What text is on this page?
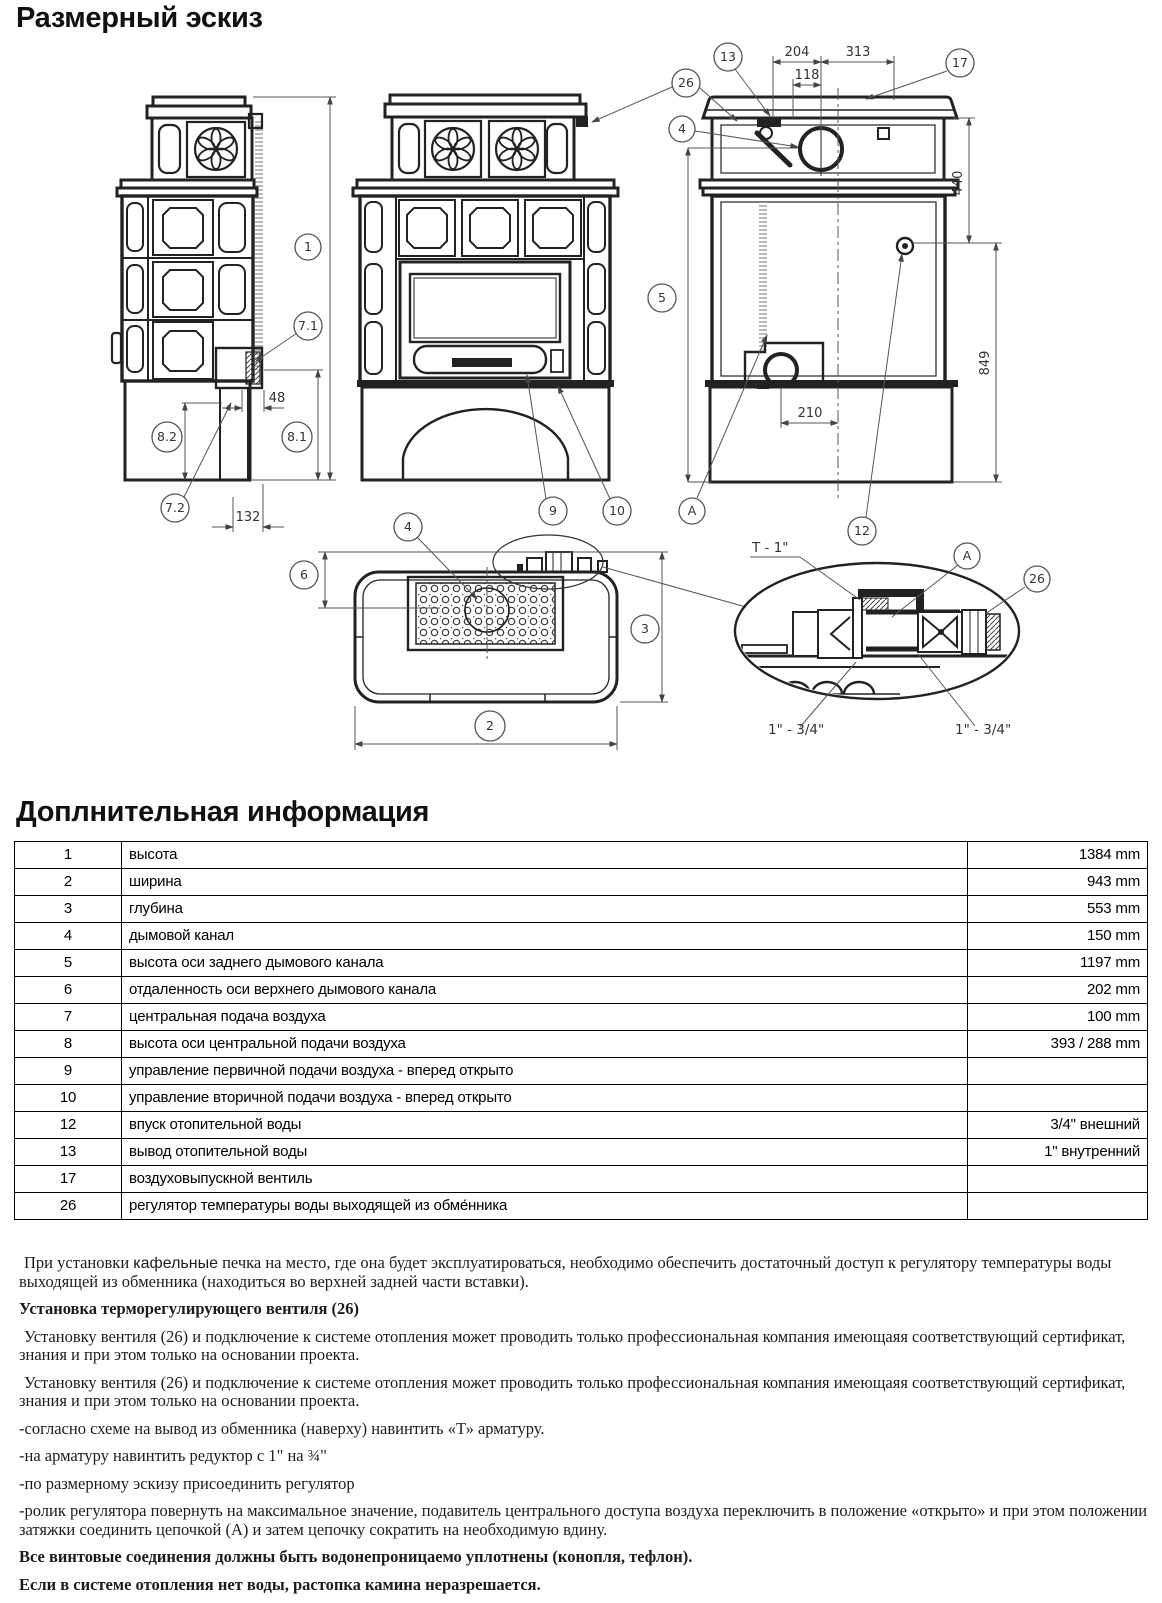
Размерный эскиз
48
132
1
7.1
8.2	8.1
7.2	9	10
204	313
118
440
849
210
13	17
26
4
5
A
12
4
6
3
2
T - 1"
1" - 3/4"	1" - 3/4"
A
26
Доплнительная информация
1	высота	1384 mm
2	ширина	943 mm
3	глубина	553 mm
4	дымовой канал	150 mm
5	высота оси заднего дымового канала	1197 mm
6	отдаленность оси верхнего дымового канала	202 mm
7	центральная подача воздуха	100 mm
8	высота оси центральной подачи воздуха	393 / 288 mm
9	управление первичной подачи воздуха - вперед открыто	
10	управление вторичной подачи воздуха - вперед открыто	
12	впуск отопительной воды	3/4" внешний
13	вывод отопительной воды	1" внутренний
17	воздуховыпускной вентиль	
26	регулятор температуры воды выходящей из обме́нника	

При установки кафельные печка на место, где она будет эксплуатироваться, необходимо обеспечить достаточный доступ к регулятору температуры воды выходящей из обменника (находиться во верхней задней части вставки).

Установка терморегулирующего вентиля (26)

Установку вентиля (26) и подключение к системе отопления может проводить только профессиональная компания имеющаяя соответствующий сертификат, знания и при этом только на основании проекта.

Установку вентиля (26) и подключение к системе отопления может проводить только профессиональная компания имеющаяя соответствующий сертификат, знания и при этом только на основании проекта.

-согласно схеме на вывод из обменника (наверху) навинтить «Т» арматуру.

-на арматуру навинтить редуктор с 1" на ¾"

-по размерному эскизу присоединить регулятор

-ролик регулятора повернуть на максимальное значение, подавитель центрального доступа воздуха переключить в положение «открыто» и при этом положении затяжки соединить цепочкой (А) и затем цепочку сократить на необходимую вдину.

Все винтовые соединения должны быть водонепроницаемо уплотнены (конопля, тефлон).

Если в системе отопления нет воды, растопка камина неразрешается.
